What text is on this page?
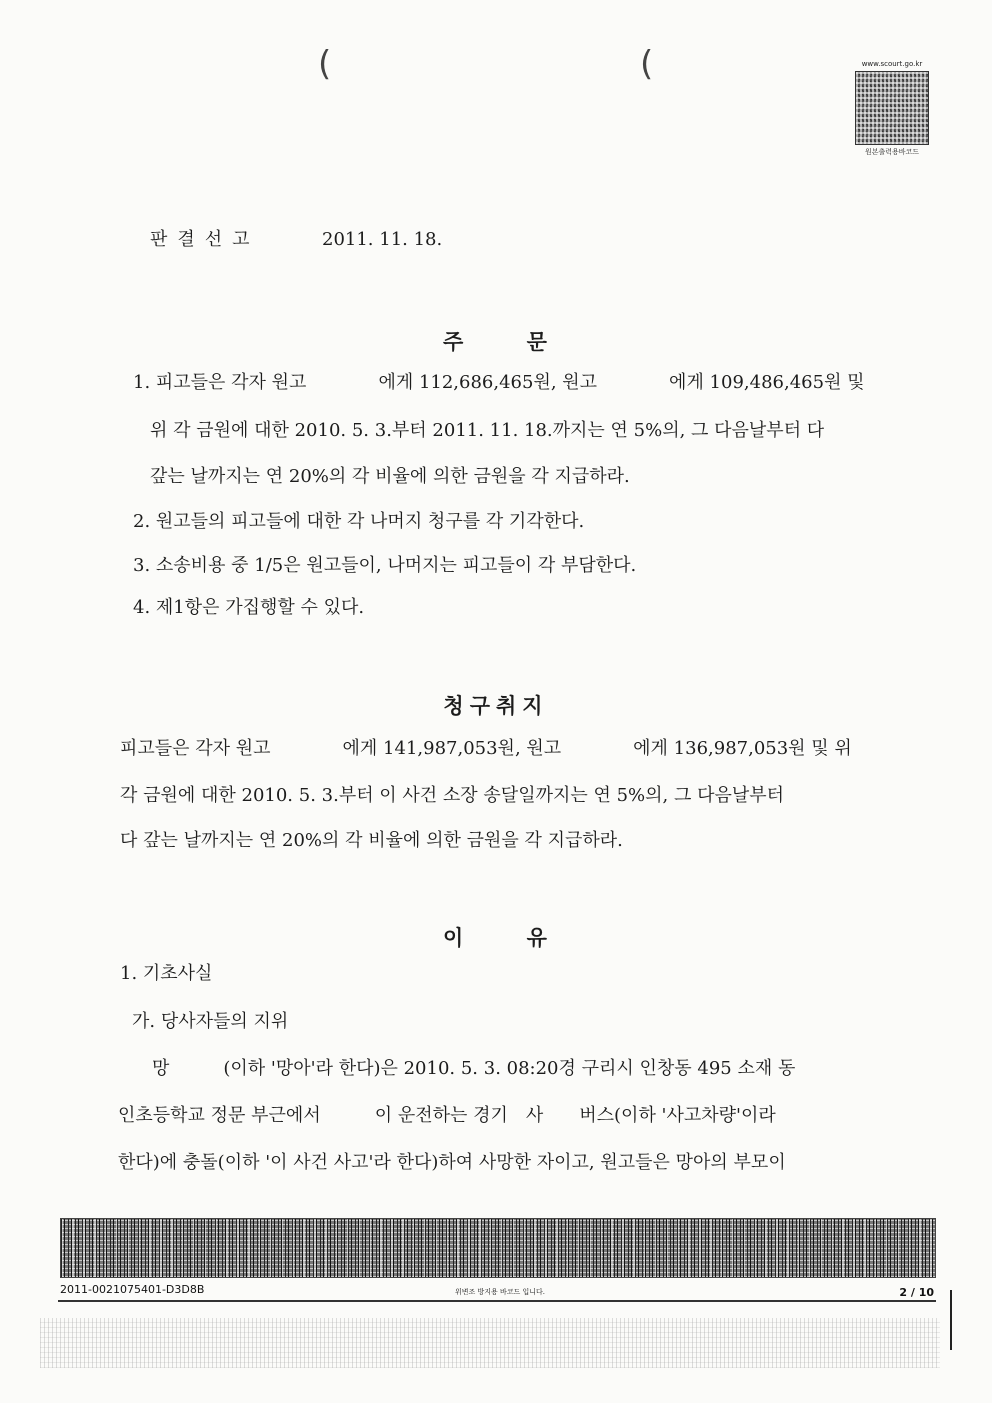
(	(	www.scourt.go.kr
원본출력용바코드
판결선고	2011. 11. 18.
주 문
1. 피고들은 각자 원고　　　　에게 112,686,465원, 원고　　　　에게 109,486,465원 및
위 각 금원에 대한 2010. 5. 3.부터 2011. 11. 18.까지는 연 5%의, 그 다음날부터 다
갚는 날까지는 연 20%의 각 비율에 의한 금원을 각 지급하라.
2. 원고들의 피고들에 대한 각 나머지 청구를 각 기각한다.
3. 소송비용 중 1/5은 원고들이, 나머지는 피고들이 각 부담한다.
4. 제1항은 가집행할 수 있다.
청구취지
피고들은 각자 원고　　　　에게 141,987,053원, 원고　　　　에게 136,987,053원 및 위
각 금원에 대한 2010. 5. 3.부터 이 사건 소장 송달일까지는 연 5%의, 그 다음날부터
다 갚는 날까지는 연 20%의 각 비율에 의한 금원을 각 지급하라.
이 유
1. 기초사실
가. 당사자들의 지위
망　　　(이하 '망아'라 한다)은 2010. 5. 3. 08:20경 구리시 인창동 495 소재 동
인초등학교 정문 부근에서　　　이 운전하는 경기　사　　버스(이하 '사고차량'이라
한다)에 충돌(이하 '이 사건 사고'라 한다)하여 사망한 자이고, 원고들은 망아의 부모이
2011-0021075401-D3D8B	위변조 방지용 바코드 입니다.	2 / 10
